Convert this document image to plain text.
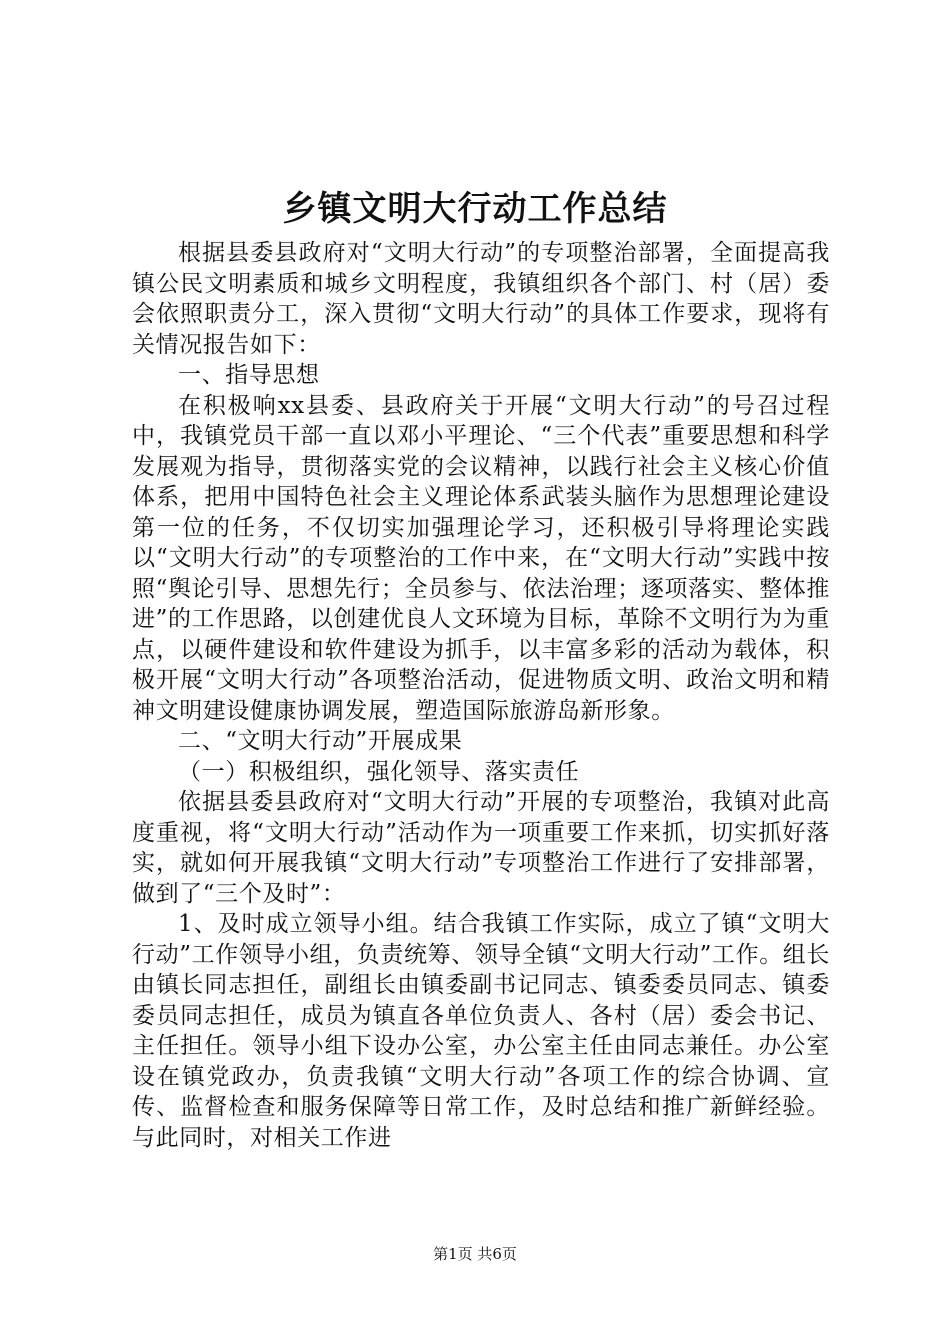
乡镇文明大行动工作总结

根据县委县政府对“文明大行动”的专项整治部署，全面提高我镇公民文明素质和城乡文明程度，我镇组织各个部门、村（居）委会依照职责分工，深入贯彻“文明大行动”的具体工作要求，现将有关情况报告如下：

一、指导思想

在积极响xx县委、县政府关于开展“文明大行动”的号召过程中，我镇党员干部一直以邓小平理论、“三个代表”重要思想和科学发展观为指导，贯彻落实党的会议精神，以践行社会主义核心价值体系，把用中国特色社会主义理论体系武装头脑作为思想理论建设第一位的任务，不仅切实加强理论学习，还积极引导将理论实践以“文明大行动”的专项整治的工作中来，在“文明大行动”实践中按照“舆论引导、思想先行；全员参与、依法治理；逐项落实、整体推进”的工作思路，以创建优良人文环境为目标，革除不文明行为为重点，以硬件建设和软件建设为抓手，以丰富多彩的活动为载体，积极开展“文明大行动”各项整治活动，促进物质文明、政治文明和精神文明建设健康协调发展，塑造国际旅游岛新形象。

二、“文明大行动”开展成果

（一）积极组织，强化领导、落实责任

依据县委县政府对“文明大行动”开展的专项整治，我镇对此高度重视，将“文明大行动”活动作为一项重要工作来抓，切实抓好落实，就如何开展我镇“文明大行动”专项整治工作进行了安排部署，做到了“三个及时”：

1、及时成立领导小组。结合我镇工作实际，成立了镇“文明大行动”工作领导小组，负责统筹、领导全镇“文明大行动”工作。组长由镇长同志担任，副组长由镇委副书记同志、镇委委员同志、镇委委员同志担任，成员为镇直各单位负责人、各村（居）委会书记、主任担任。领导小组下设办公室，办公室主任由同志兼任。办公室设在镇党政办，负责我镇“文明大行动”各项工作的综合协调、宣传、监督检查和服务保障等日常工作，及时总结和推广新鲜经验。与此同时，对相关工作进

第1页 共6页
